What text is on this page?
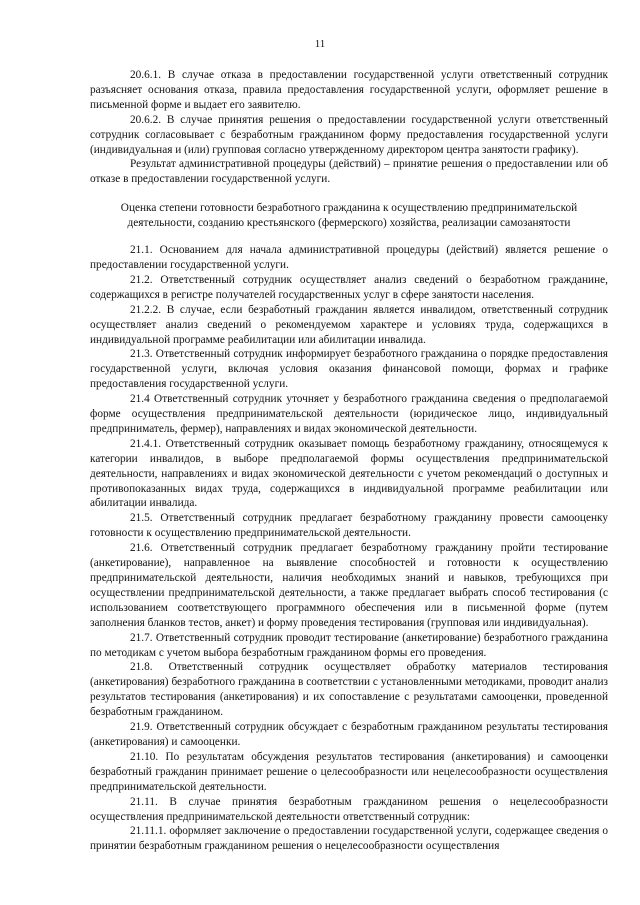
11

20.6.1. В случае отказа в предоставлении государственной услуги ответственный сотрудник разъясняет основания отказа, правила предоставления государственной услуги, оформляет решение в письменной форме и выдает его заявителю.

20.6.2. В случае принятия решения о предоставлении государственной услуги ответственный сотрудник согласовывает с безработным гражданином форму предоставления государственной услуги (индивидуальная и (или) групповая согласно утвержденному директором центра занятости графику).

Результат административной процедуры (действий) – принятие решения о предоставлении или об отказе в предоставлении государственной услуги.

Оценка степени готовности безработного гражданина к осуществлению предпринимательской деятельности, созданию крестьянского (фермерского) хозяйства, реализации самозанятости

21.1. Основанием для начала административной процедуры (действий) является решение о предоставлении государственной услуги.

21.2. Ответственный сотрудник осуществляет анализ сведений о безработном гражданине, содержащихся в регистре получателей государственных услуг в сфере занятости населения.

21.2.2. В случае, если безработный гражданин является инвалидом, ответственный сотрудник осуществляет анализ сведений о рекомендуемом характере и условиях труда, содержащихся в индивидуальной программе реабилитации или абилитации инвалида.

21.3. Ответственный сотрудник информирует безработного гражданина о порядке предоставления государственной услуги, включая условия оказания финансовой помощи, формах и графике предоставления государственной услуги.

21.4 Ответственный сотрудник уточняет у безработного гражданина сведения о предполагаемой форме осуществления предпринимательской деятельности (юридическое лицо, индивидуальный предприниматель, фермер), направлениях и видах экономической деятельности.

21.4.1. Ответственный сотрудник оказывает помощь безработному гражданину, относящемуся к категории инвалидов, в выборе предполагаемой формы осуществления предпринимательской деятельности, направлениях и видах экономической деятельности с учетом рекомендаций о доступных и противопоказанных видах труда, содержащихся в индивидуальной программе реабилитации или абилитации инвалида.

21.5. Ответственный сотрудник предлагает безработному гражданину провести самооценку готовности к осуществлению предпринимательской деятельности.

21.6. Ответственный сотрудник предлагает безработному гражданину пройти тестирование (анкетирование), направленное на выявление способностей и готовности к осуществлению предпринимательской деятельности, наличия необходимых знаний и навыков, требующихся при осуществлении предпринимательской деятельности, а также предлагает выбрать способ тестирования (с использованием соответствующего программного обеспечения или в письменной форме (путем заполнения бланков тестов, анкет) и форму проведения тестирования (групповая или индивидуальная).

21.7. Ответственный сотрудник проводит тестирование (анкетирование) безработного гражданина по методикам с учетом выбора безработным гражданином формы его проведения.

21.8. Ответственный сотрудник осуществляет обработку материалов тестирования (анкетирования) безработного гражданина в соответствии с установленными методиками, проводит анализ результатов тестирования (анкетирования) и их сопоставление с результатами самооценки, проведенной безработным гражданином.

21.9. Ответственный сотрудник обсуждает с безработным гражданином результаты тестирования (анкетирования) и самооценки.

21.10. По результатам обсуждения результатов тестирования (анкетирования) и самооценки безработный гражданин принимает решение о целесообразности или нецелесообразности осуществления предпринимательской деятельности.

21.11. В случае принятия безработным гражданином решения о нецелесообразности осуществления предпринимательской деятельности ответственный сотрудник:

21.11.1. оформляет заключение о предоставлении государственной услуги, содержащее сведения о принятии безработным гражданином решения о нецелесообразности осуществления
